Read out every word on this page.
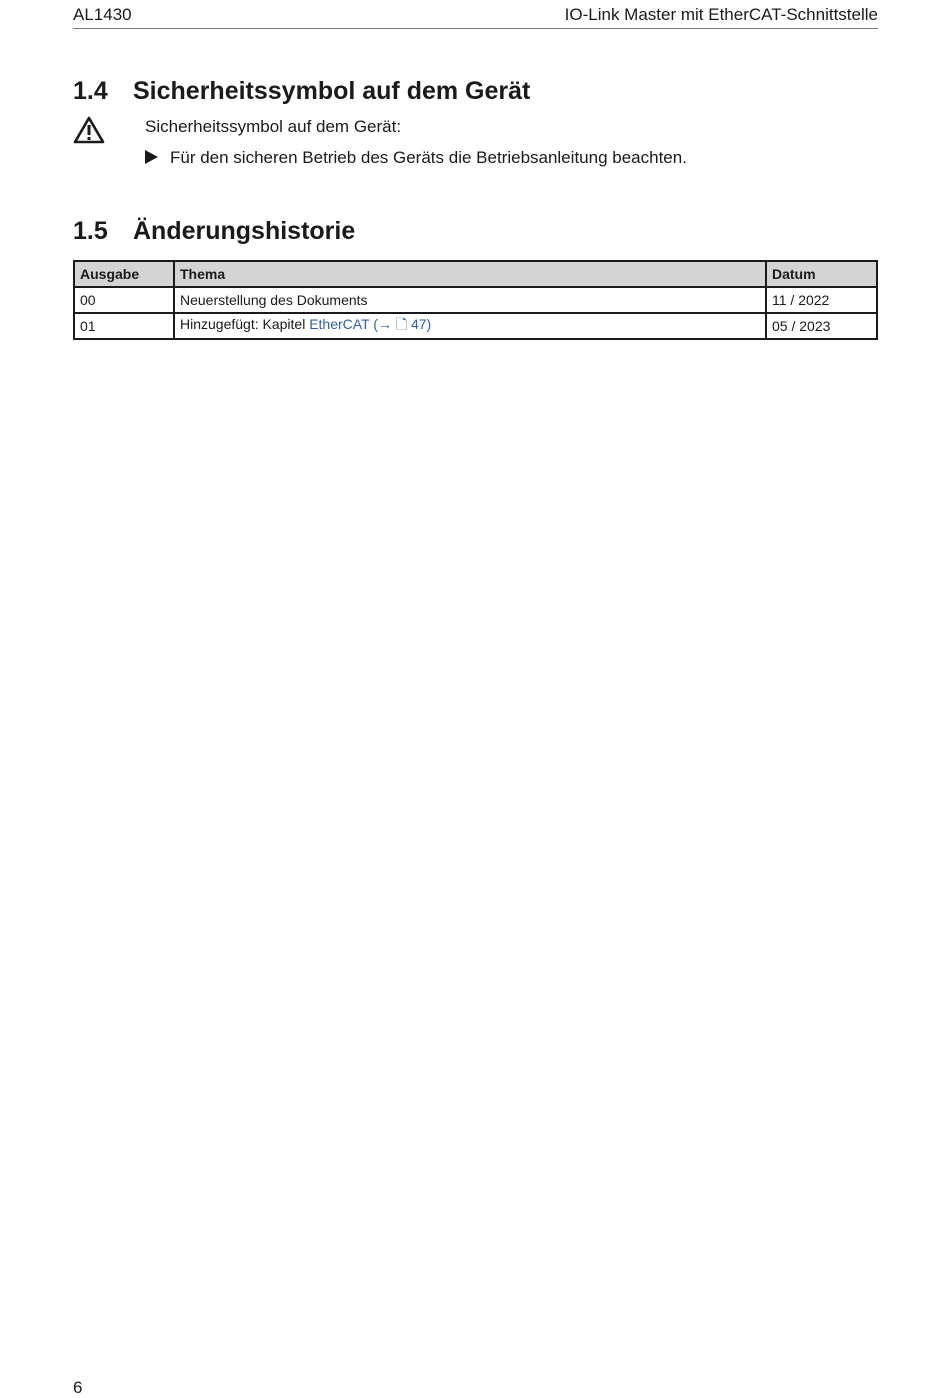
AL1430	IO-Link Master mit EtherCAT-Schnittstelle
1.4 Sicherheitssymbol auf dem Gerät
Sicherheitssymbol auf dem Gerät:
Für den sicheren Betrieb des Geräts die Betriebsanleitung beachten.
1.5 Änderungshistorie
Ausgabe	Thema	Datum
00	Neuerstellung des Dokuments	11 / 2022
01	Hinzugefügt: Kapitel EtherCAT (→ 🗋 47)	05 / 2023
6
